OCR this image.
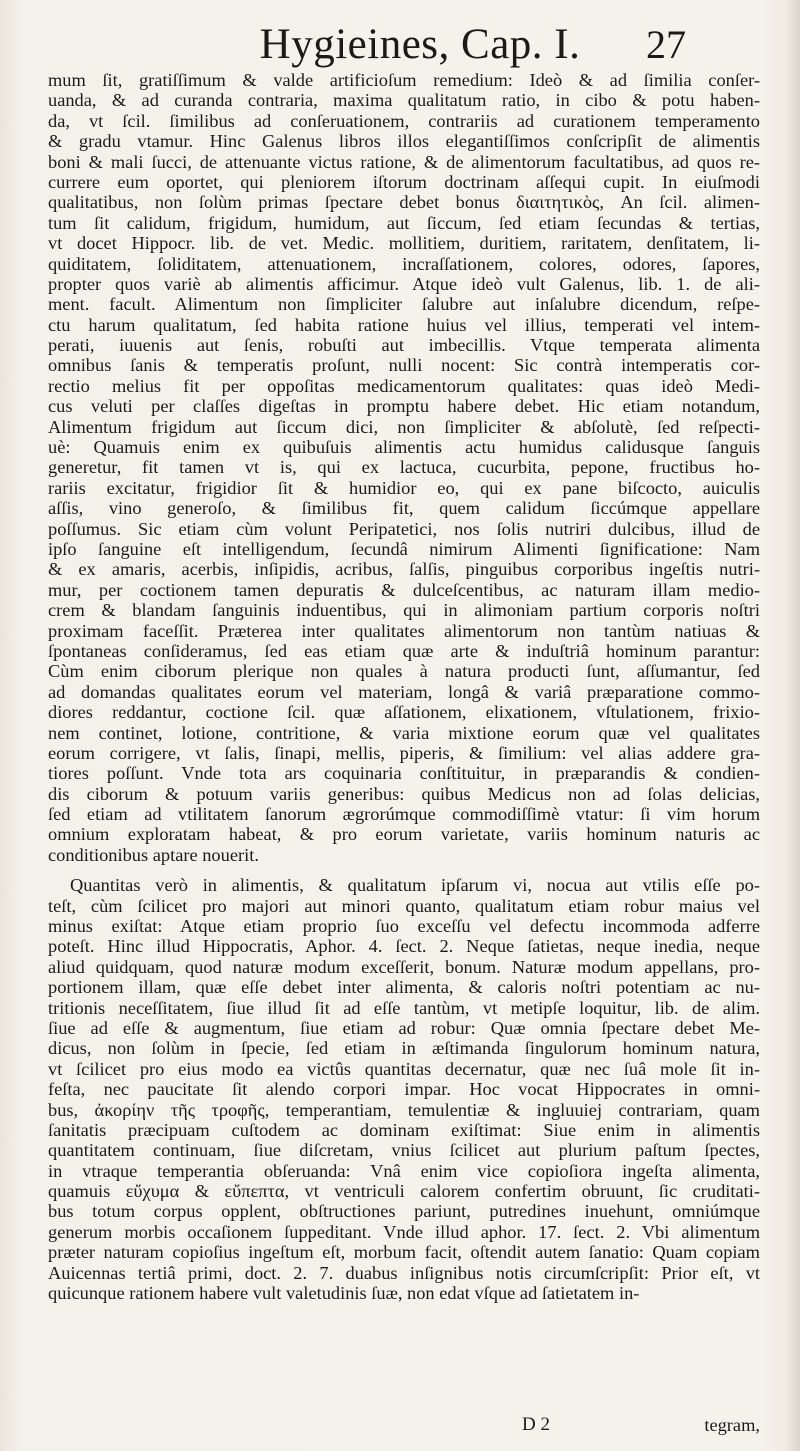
Hygieines, Cap. I.	27
mum ſit, gratiſſimum & valde artificioſum remedium: Ideò & ad ſimilia conſer-
uanda, & ad curanda contraria, maxima qualitatum ratio, in cibo & potu haben-
da, vt ſcil. ſimilibus ad conſeruationem, contrariis ad curationem temperamento
& gradu vtamur. Hinc Galenus libros illos elegantiſſimos conſcripſit de alimentis
boni & mali ſucci, de attenuante victus ratione, & de alimentorum facultatibus, ad quos re-
currere eum oportet, qui pleniorem iſtorum doctrinam aſſequi cupit. In eiuſmodi
qualitatibus, non ſolùm primas ſpectare debet bonus διαιτητικὸς, An ſcil. alimen-
tum ſit calidum, frigidum, humidum, aut ſiccum, ſed etiam ſecundas & tertias,
vt docet Hippocr. lib. de vet. Medic. mollitiem, duritiem, raritatem, denſitatem, li-
quiditatem, ſoliditatem, attenuationem, incraſſationem, colores, odores, ſapores,
propter quos variè ab alimentis afficimur. Atque ideò vult Galenus, lib. 1. de ali-
ment. facult. Alimentum non ſimpliciter ſalubre aut inſalubre dicendum, reſpe-
ctu harum qualitatum, ſed habita ratione huius vel illius, temperati vel intem-
perati, iuuenis aut ſenis, robuſti aut imbecillis. Vtque temperata alimenta
omnibus ſanis & temperatis proſunt, nulli nocent: Sic contrà intemperatis cor-
rectio melius fit per oppoſitas medicamentorum qualitates: quas ideò Medi-
cus veluti per claſſes digeſtas in promptu habere debet. Hic etiam notandum,
Alimentum frigidum aut ſiccum dici, non ſimpliciter & abſolutè, ſed reſpecti-
uè: Quamuis enim ex quibuſuis alimentis actu humidus calidusque ſanguis
generetur, fit tamen vt is, qui ex lactuca, cucurbita, pepone, fructibus ho-
rariis excitatur, frigidior ſit & humidior eo, qui ex pane biſcocto, auiculis
aſſis, vino generoſo, & ſimilibus fit, quem calidum ſiccúmque appellare
poſſumus. Sic etiam cùm volunt Peripatetici, nos ſolis nutriri dulcibus, illud de
ipſo ſanguine eſt intelligendum, ſecundâ nimirum Alimenti ſignificatione: Nam
& ex amaris, acerbis, inſipidis, acribus, ſalſis, pinguibus corporibus ingeſtis nutri-
mur, per coctionem tamen depuratis & dulceſcentibus, ac naturam illam medio-
crem & blandam ſanguinis induentibus, qui in alimoniam partium corporis noſtri
proximam faceſſit. Præterea inter qualitates alimentorum non tantùm natiuas &
ſpontaneas conſideramus, ſed eas etiam quæ arte & induſtriâ hominum parantur:
Cùm enim ciborum plerique non quales à natura producti ſunt, aſſumantur, ſed
ad domandas qualitates eorum vel materiam, longâ & variâ præparatione commo-
diores reddantur, coctione ſcil. quæ aſſationem, elixationem, vſtulationem, frixio-
nem continet, lotione, contritione, & varia mixtione eorum quæ vel qualitates
eorum corrigere, vt ſalis, ſinapi, mellis, piperis, & ſimilium: vel alias addere gra-
tiores poſſunt. Vnde tota ars coquinaria conſtituitur, in præparandis & condien-
dis ciborum & potuum variis generibus: quibus Medicus non ad ſolas delicias,
ſed etiam ad vtilitatem ſanorum ægrorúmque commodiſſimè vtatur: ſi vim horum
omnium exploratam habeat, & pro eorum varietate, variis hominum naturis ac
conditionibus aptare nouerit.
Quantitas verò in alimentis, & qualitatum ipſarum vi, nocua aut vtilis eſſe po-
teſt, cùm ſcilicet pro majori aut minori quanto, qualitatum etiam robur maius vel
minus exiſtat: Atque etiam proprio ſuo exceſſu vel defectu incommoda adferre
poteſt. Hinc illud Hippocratis, Aphor. 4. ſect. 2. Neque ſatietas, neque inedia, neque
aliud quidquam, quod naturæ modum exceſſerit, bonum. Naturæ modum appellans, pro-
portionem illam, quæ eſſe debet inter alimenta, & caloris noſtri potentiam ac nu-
tritionis neceſſitatem, ſiue illud ſit ad eſſe tantùm, vt metipſe loquitur, lib. de alim.
ſiue ad eſſe & augmentum, ſiue etiam ad robur: Quæ omnia ſpectare debet Me-
dicus, non ſolùm in ſpecie, ſed etiam in æſtimanda ſingulorum hominum natura,
vt ſcilicet pro eius modo ea victûs quantitas decernatur, quæ nec ſuâ mole ſit in-
feſta, nec paucitate ſit alendo corpori impar. Hoc vocat Hippocrates in omni-
bus, ἀκορίην τῆς τροφῆς, temperantiam, temulentiæ & ingluuiej contrariam, quam
ſanitatis præcipuam cuſtodem ac dominam exiſtimat: Siue enim in alimentis
quantitatem continuam, ſiue diſcretam, vnius ſcilicet aut plurium paſtum ſpectes,
in vtraque temperantia obſeruanda: Vnâ enim vice copioſiora ingeſta alimenta,
quamuis εὔχυμα & εὔπεπτα, vt ventriculi calorem confertim obruunt, ſic cruditati-
bus totum corpus opplent, obſtructiones pariunt, putredines inuehunt, omniúmque
generum morbis occaſionem ſuppeditant. Vnde illud aphor. 17. ſect. 2. Vbi alimentum
præter naturam copioſius ingeſtum eſt, morbum facit, oſtendit autem ſanatio: Quam copiam
Auicennas tertiâ primi, doct. 2. 7. duabus inſignibus notis circumſcripſit: Prior eſt, vt
quicunque rationem habere vult valetudinis ſuæ, non edat vſque ad ſatietatem in-
D 2	tegram,
